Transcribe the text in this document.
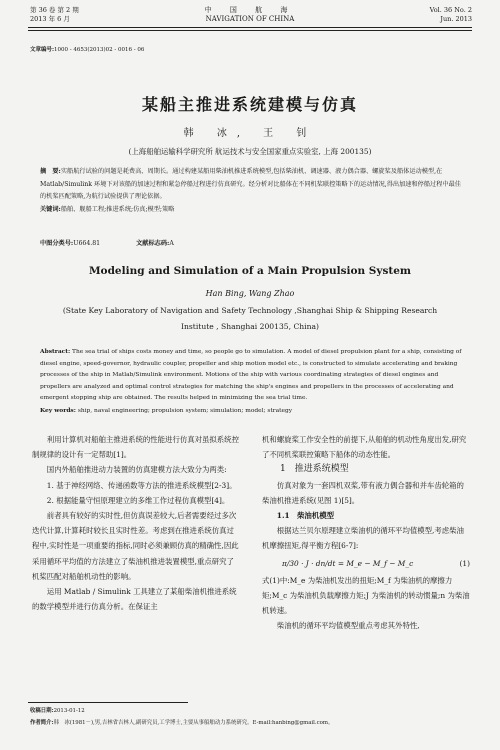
第 36 卷 第 2 期
2013 年 6 月
中 国 航 海
NAVIGATION OF CHINA
Vol. 36 No. 2
Jun. 2013
文章编号:1000 - 4653(2013)02 - 0016 - 06
某船主推进系统建模与仿真
韩 冰, 王 钊
(上海船舶运输科学研究所 航运技术与安全国家重点实验室, 上海 200135)

摘　要:实船航行试验的问题是耗费高、周期长。通过构建某船用柴油机推进系统模型,包括柴油机、调速器、液力偶合器、螺旋桨及船体运动模型,在 Matlab/Simulink 环境下对该船的加速过程和紧急停船过程进行仿真研究。经分析对比船体在不同机桨联控策略下的运动情况,得出加速和停船过程中最佳的机桨匹配策略,为航行试验提供了理论依据。

关键词:船舶、舰船工程;推进系统;仿真;模型;策略

中图分类号:U664.81	文献标志码:A
Modeling and Simulation of a Main Propulsion System
Han Bing, Wang Zhao
(State Key Laboratory of Navigation and Safety Technology ,Shanghai Ship & Shipping Research Institute , Shanghai 200135, China)

Abstract: The sea trial of ships costs money and time, so people go to simulation. A model of diesel propulsion plant for a ship, consisting of diesel engine, speed-governor, hydraulic coupler, propeller and ship motion model etc., is constructed to simulate accelerating and braking processes of the ship in Matlab/Simulink environment. Motions of the ship with various coordinating strategies of diesel engines and propellers are analyzed and optimal control strategies for matching the ship's engines and propellers in the processes of accelerating and emergent stopping ship are obtained. The results helped in minimizing the sea trial time.

Key words: ship, naval engineering; propulsion system; simulation; model; strategy

利用计算机对船舶主推进系统的性能进行仿真对虽拟系统控制规律的设计有一定帮助[1]。

国内外船舶推进动力装置的仿真建模方法大致分为两类:

1. 基于神经网络、传递函数等方法的推进系统模型[2-3]。

2. 根据能量守恒原理建立的多维工作过程仿真模型[4]。

前者具有较好的实时性,但仿真误差较大,后者需要经过多次迭代计算,计算耗时较长且实时性差。考虑到在推进系统仿真过程中,实时性是一项重要的指标,同时必须兼顾仿真的精确性,因此采用循环平均值的方法建立了柴油机推进装置模型,重点研究了机桨匹配对船舶机动性的影响。

运用 Matlab / Simulink 工具建立了某船柴油机推进系统的数学模型并进行仿真分析。在保证主

机和螺旋桨工作安全性的前提下,从船舶的机动性角度出发,研究了不同机桨联控策略下船体的动态性能。

1　推进系统模型

仿真对象为一套四机双桨,带有液力偶合器和并车齿轮箱的柴油机推进系统(见图 1)[5]。

1.1　柴油机模型

根据达兰贝尔原理建立柴油机的循环平均值模型,考虑柴油机摩擦扭矩,得平衡方程[6-7]:

π/30 · J · dn/dt = M_e − M_f − M_c	(1)

式(1)中:M_e 为柴油机发出的扭矩;M_f 为柴油机的摩擦力矩;M_c 为柴油机负载摩擦力矩;J 为柴油机的转动惯量;n 为柴油机转速。

柴油机的循环平均值模型重点考虑其外特性,

收稿日期:2013-01-12
作者简介:韩　冰(1981－),男,吉林省吉林人,副研究员,工学博士,主要从事船舶动力系统研究。E-mail:hanbing@gmail.com。
